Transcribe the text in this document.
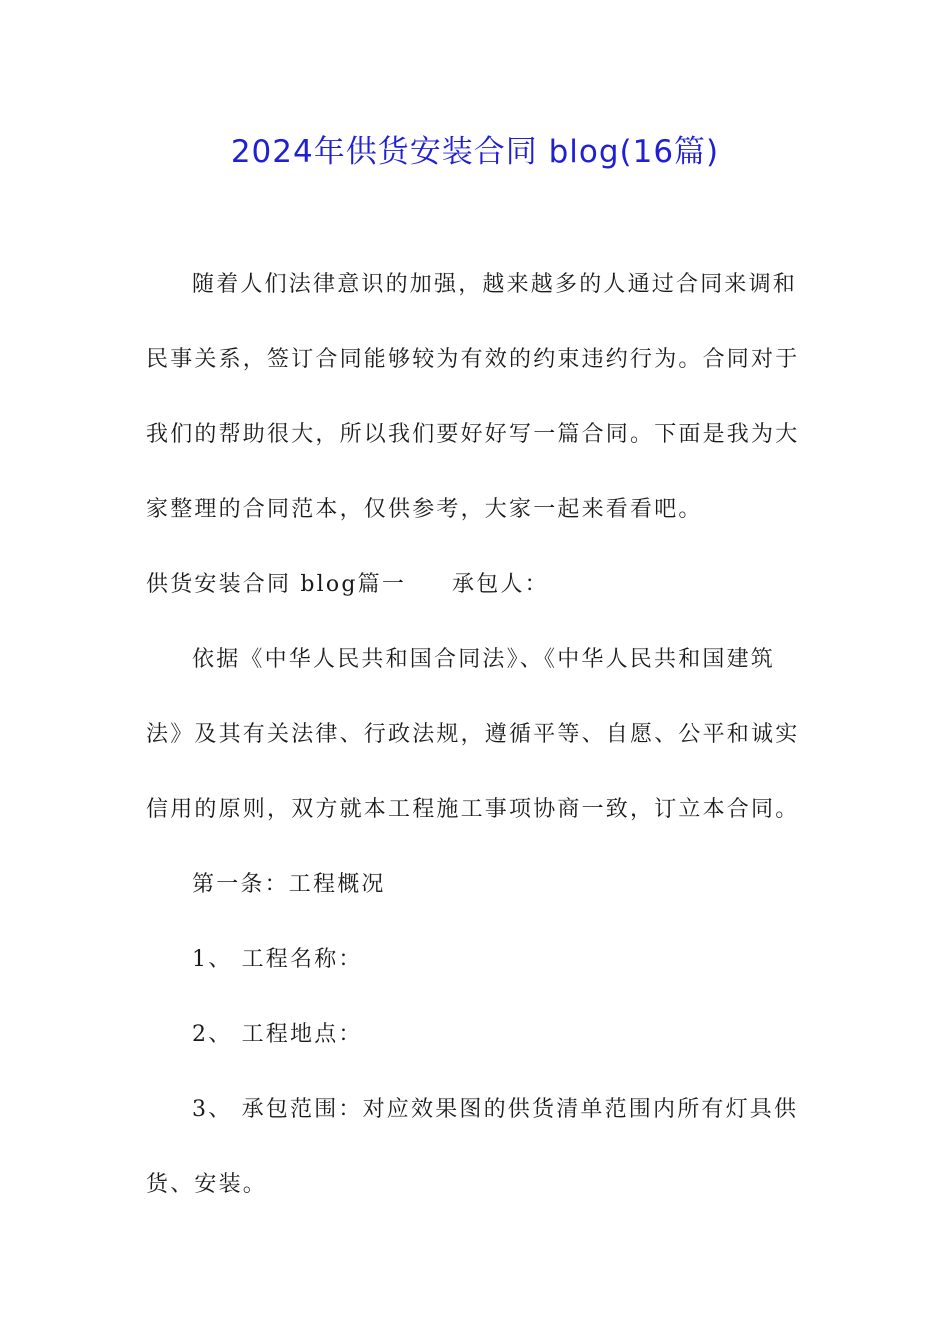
2024年供货安装合同 blog(16篇)
随着人们法律意识的加强，越来越多的人通过合同来调和
民事关系，签订合同能够较为有效的约束违约行为。合同对于
我们的帮助很大，所以我们要好好写一篇合同。下面是我为大
家整理的合同范本，仅供参考，大家一起来看看吧。
供货安装合同 blog篇一 承包人：
依据《中华人民共和国合同法》、《中华人民共和国建筑
法》及其有关法律、行政法规，遵循平等、自愿、公平和诚实
信用的原则，双方就本工程施工事项协商一致，订立本合同。
第一条：工程概况
1、 工程名称：
2、 工程地点：
3、 承包范围：对应效果图的供货清单范围内所有灯具供
货、安装。
